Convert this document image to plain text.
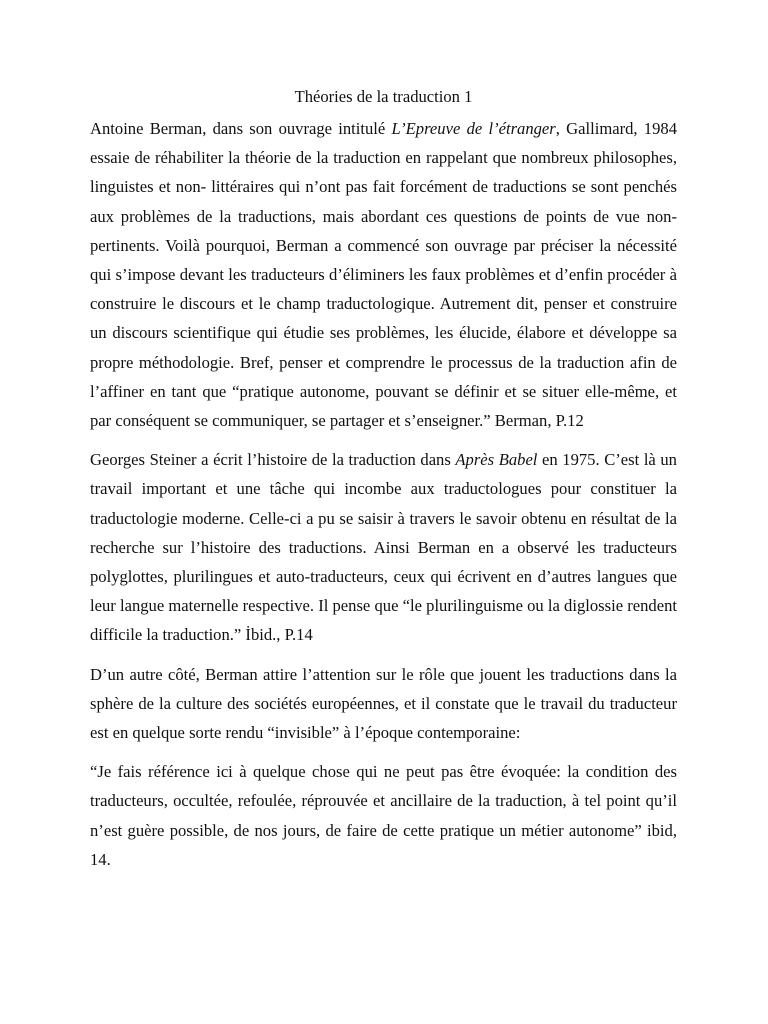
Théories de la traduction 1

Antoine Berman, dans son ouvrage intitulé L’Epreuve de l’étranger, Gallimard, 1984 essaie de réhabiliter la théorie de la traduction en rappelant que nombreux philosophes, linguistes et non- littéraires qui n’ont pas fait forcément de traductions se sont penchés aux problèmes de la traductions, mais abordant ces questions de points de vue non-pertinents. Voilà pourquoi, Berman a commencé son ouvrage par préciser la nécessité qui s’impose devant les traducteurs d’éliminers les faux problèmes et d’enfin procéder à construire le discours et le champ traductologique. Autrement dit, penser et construire un discours scientifique qui étudie ses problèmes, les élucide, élabore et développe sa propre méthodologie. Bref, penser et comprendre le processus de la traduction afin de l’affiner en tant que “pratique autonome, pouvant se définir et se situer elle-même, et par conséquent se communiquer, se partager et s’enseigner.” Berman, P.12

Georges Steiner a écrit l’histoire de la traduction dans Après Babel en 1975. C’est là un travail important et une tâche qui incombe aux traductologues pour constituer la traductologie moderne. Celle-ci a pu se saisir à travers le savoir obtenu en résultat de la recherche sur l’histoire des traductions. Ainsi Berman en a observé les traducteurs polyglottes, plurilingues et auto-traducteurs, ceux qui écrivent en d’autres langues que leur langue maternelle respective. Il pense que “le plurilinguisme ou la diglossie rendent difficile la traduction.” İbid., P.14

D’un autre côté, Berman attire l’attention sur le rôle que jouent les traductions dans la sphère de la culture des sociétés européennes, et il constate que le travail du traducteur est en quelque sorte rendu “invisible” à l’époque contemporaine:

“Je fais référence ici à quelque chose qui ne peut pas être évoquée: la condition des traducteurs, occultée, refoulée, réprouvée et ancillaire de la traduction, à tel point qu’il n’est guère possible, de nos jours, de faire de cette pratique un métier autonome” ibid, 14.
